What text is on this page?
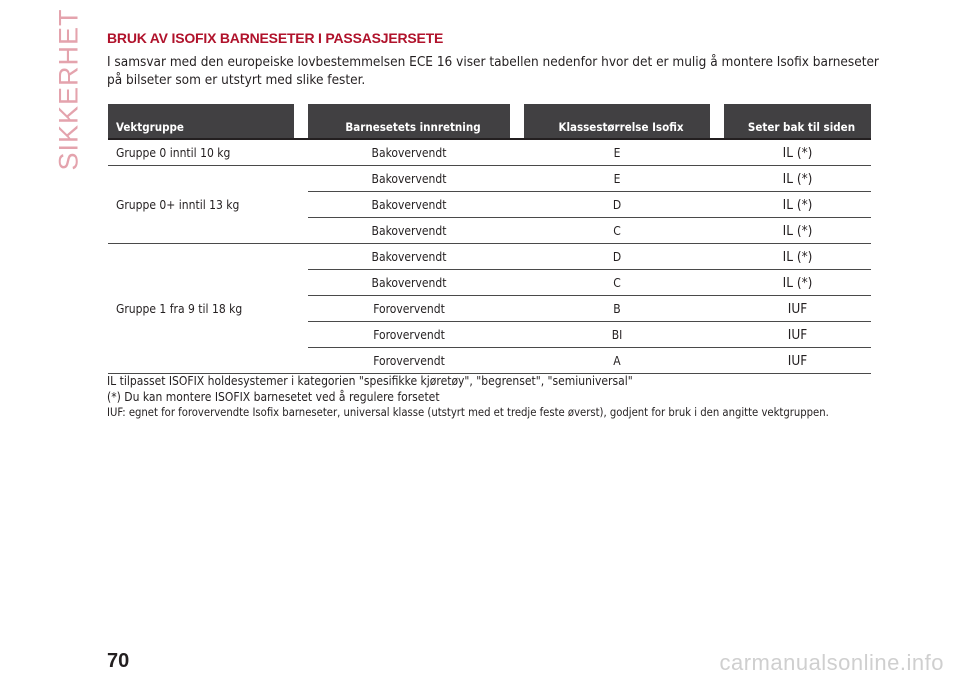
SIKKERHET BRUK AV ISOFIX BARNESETER I PASSASJERSETE
I samsvar med den europeiske lovbestemmelsen ECE 16 viser tabellen nedenfor hvor det er mulig å montere Isofix barneseter på bilseter som er utstyrt med slike fester.
Vektgruppe		Barnesetets innretning		Klassestørrelse Isofix		Seter bak til siden
Gruppe 0 inntil 10 kg		Bakovervendt		E		IL (*)
Gruppe 0+ inntil 13 kg		Bakovervendt		E		IL (*)
		Bakovervendt		D		IL (*)
		Bakovervendt		C		IL (*)
Gruppe 1 fra 9 til 18 kg		Bakovervendt		D		IL (*)
		Bakovervendt		C		IL (*)
		Forovervendt		B		IUF
		Forovervendt		BI		IUF
		Forovervendt		A		IUF
IL tilpasset ISOFIX holdesystemer i kategorien "spesifikke kjøretøy", "begrenset", "semiuniversal"
(*) Du kan montere ISOFIX barnesetet ved å regulere forsetet
IUF: egnet for forovervendte Isofix barneseter, universal klasse (utstyrt med et tredje feste øverst), godjent for bruk i den angitte vektgruppen.
70	carmanualsonline.info
